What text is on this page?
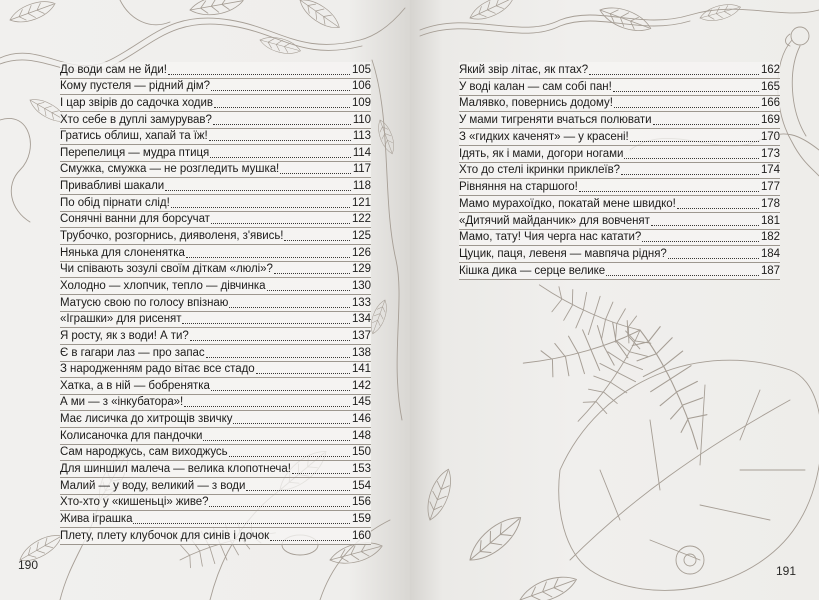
До води сам не йди!	105
Кому пустеля — рідний дім?	106
І цар звірів до садочка ходив	109
Хто себе в дуплі замурував?	110
Гратись облиш, хапай та їж!	113
Перепелиця — мудра птиця	114
Смужка, смужка — не розгледить мушка!	117
Привабливі шакали	118
По обід пірнати слід!	121
Сонячні ванни для борсучат	122
Трубочко, розгорнись, дияволеня, з'явись!	125
Нянька для слоненятка	126
Чи співають зозулі своїм діткам «люлі»?	129
Холодно — хлопчик, тепло — дівчинка	130
Матусю свою по голосу впізнаю	133
«Іграшки» для рисенят	134
Я росту, як з води! А ти?	137
Є в гагари лаз — про запас	138
З народженням радо вітає все стадо	141
Хатка, а в ній — бобренятка	142
А ми — з «інкубатора»!	145
Має лисичка до хитрощів звичку	146
Колисаночка для пандочки	148
Сам народжусь, сам виходжусь	150
Для шиншил малеча — велика клопотнеча!	153
Малий — у воду, великий — з води	154
Хто-хто у «кишеньці» живе?	156
Жива іграшка	159
Плету, плету клубочок для синів і дочок	160
Який звір літає, як птах?	162
У воді калан — сам собі пан!	165
Малявко, повернись додому!	166
У мами тигреняти вчаться полювати	169
З «гидких каченят» — у красені!	170
Ідять, як і мами, догори ногами	173
Хто до стелі ікринки приклеїв?	174
Рівняння на старшого!	177
Мамо мурахоїдко, покатай мене швидко!	178
«Дитячий майданчик» для вовченят	181
Мамо, тату! Чия черга нас катати?	182
Цуцик, паця, левеня — мавпяча рідня?	184
Кішка дика — серце велике	187
190	191
